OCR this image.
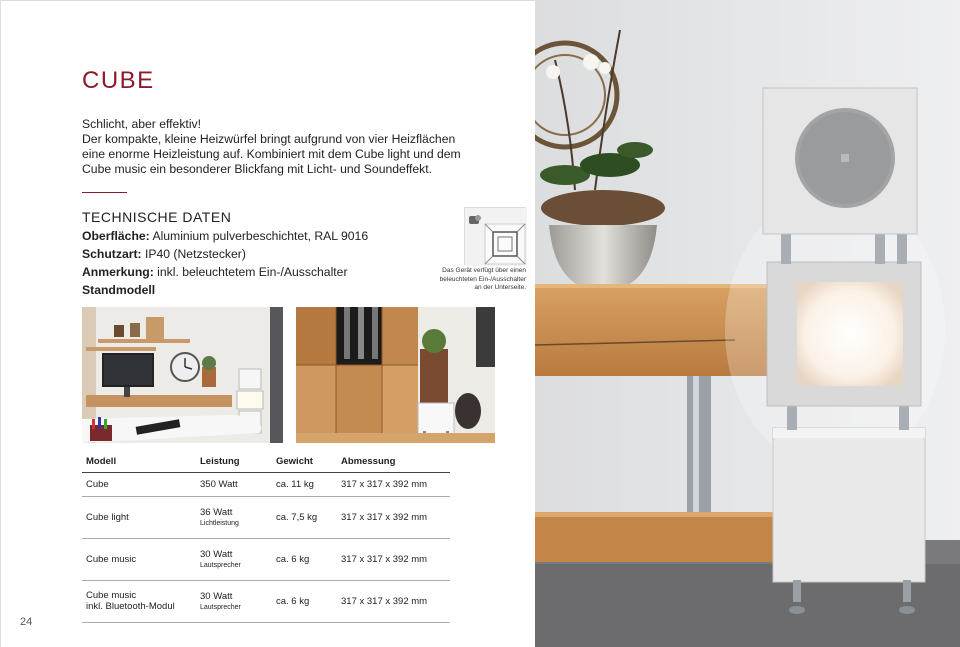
CUBE
Schlicht, aber effektiv!
Der kompakte, kleine Heizwürfel bringt aufgrund von vier Heizflächen
eine enorme Heizleistung auf. Kombiniert mit dem Cube light und dem
Cube music ein besonderer Blickfang mit Licht- und Soundeffekt.
TECHNISCHE DATEN
Oberfläche: Aluminium pulverbeschichtet, RAL 9016
Schutzart: IP40 (Netzstecker)
Anmerkung: inkl. beleuchtetem Ein-/Ausschalter
Standmodell
Das Gerät verfügt über einen
beleuchteten Ein-/Ausschalter
an der Unterseite.
Modell	Leistung	Gewicht	Abmessung
Cube	350 Watt	ca. 11 kg	317 x 317 x 392 mm
Cube light	36 Watt
Lichtleistung	ca. 7,5 kg	317 x 317 x 392 mm
Cube music	30 Watt
Lautsprecher	ca. 6 kg	317 x 317 x 392 mm

Cube music
inkl. Bluetooth-Modul	30 Watt
Lautsprecher	ca. 6 kg	317 x 317 x 392 mm
24
